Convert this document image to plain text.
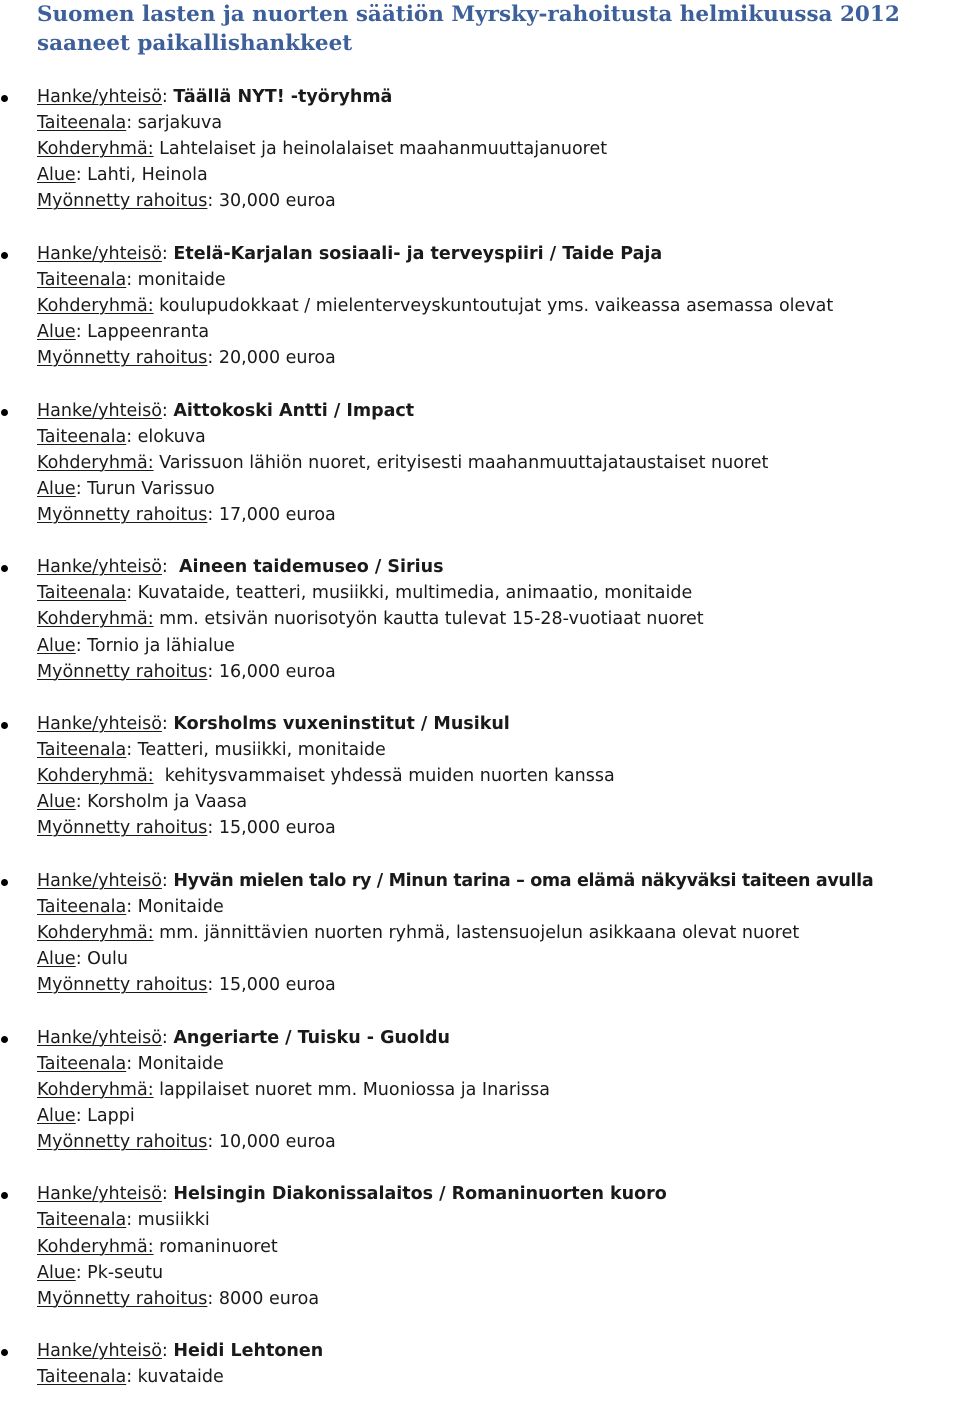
Suomen lasten ja nuorten säätiön Myrsky-rahoitusta helmikuussa 2012 saaneet paikallishankkeet

Hanke/yhteisö: Täällä NYT! -työryhmä

Taiteenala: sarjakuva

Kohderyhmä: Lahtelaiset ja heinolalaiset maahanmuuttajanuoret

Alue: Lahti, Heinola

Myönnetty rahoitus: 30,000 euroa

Hanke/yhteisö: Etelä-Karjalan sosiaali- ja terveyspiiri / Taide Paja

Taiteenala: monitaide

Kohderyhmä: koulupudokkaat / mielenterveyskuntoutujat yms. vaikeassa asemassa olevat

Alue: Lappeenranta

Myönnetty rahoitus: 20,000 euroa

Hanke/yhteisö: Aittokoski Antti / Impact

Taiteenala: elokuva

Kohderyhmä: Varissuon lähiön nuoret, erityisesti maahanmuuttajataustaiset nuoret

Alue: Turun Varissuo

Myönnetty rahoitus: 17,000 euroa

Hanke/yhteisö:  Aineen taidemuseo / Sirius

Taiteenala: Kuvataide, teatteri, musiikki, multimedia, animaatio, monitaide

Kohderyhmä: mm. etsivän nuorisotyön kautta tulevat 15-28-vuotiaat nuoret

Alue: Tornio ja lähialue

Myönnetty rahoitus: 16,000 euroa

Hanke/yhteisö: Korsholms vuxeninstitut / Musikul

Taiteenala: Teatteri, musiikki, monitaide

Kohderyhmä: kehitysvammaiset yhdessä muiden nuorten kanssa

Alue: Korsholm ja Vaasa

Myönnetty rahoitus: 15,000 euroa

Hanke/yhteisö: Hyvän mielen talo ry / Minun tarina – oma elämä näkyväksi taiteen avulla

Taiteenala: Monitaide

Kohderyhmä: mm. jännittävien nuorten ryhmä, lastensuojelun asikkaana olevat nuoret

Alue: Oulu

Myönnetty rahoitus: 15,000 euroa

Hanke/yhteisö: Angeriarte / Tuisku - Guoldu

Taiteenala: Monitaide

Kohderyhmä: lappilaiset nuoret mm. Muoniossa ja Inarissa

Alue: Lappi

Myönnetty rahoitus: 10,000 euroa

Hanke/yhteisö: Helsingin Diakonissalaitos / Romaninuorten kuoro

Taiteenala: musiikki

Kohderyhmä: romaninuoret

Alue: Pk-seutu

Myönnetty rahoitus: 8000 euroa

Hanke/yhteisö: Heidi Lehtonen

Taiteenala: kuvataide
